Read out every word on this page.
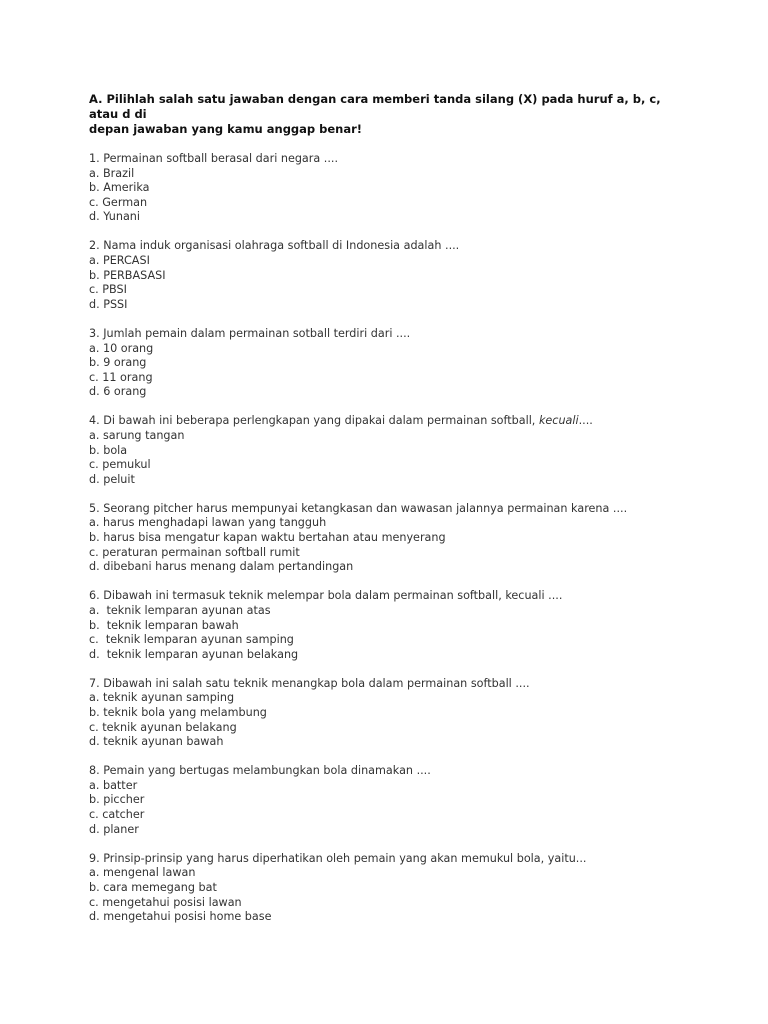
A. Pilihlah salah satu jawaban dengan cara memberi tanda silang (X) pada huruf a, b, c, atau d di
depan jawaban yang kamu anggap benar!
1. Permainan softball berasal dari negara ....
a. Brazil
b. Amerika
c. German
d. Yunani
2. Nama induk organisasi olahraga softball di Indonesia adalah ....
a. PERCASI
b. PERBASASI
c. PBSI
d. PSSI
3. Jumlah pemain dalam permainan sotball terdiri dari ....
a. 10 orang
b. 9 orang
c. 11 orang
d. 6 orang
4. Di bawah ini beberapa perlengkapan yang dipakai dalam permainan softball, kecuali....
a. sarung tangan
b. bola
c. pemukul
d. peluit
5. Seorang pitcher harus mempunyai ketangkasan dan wawasan jalannya permainan karena ....
a. harus menghadapi lawan yang tangguh
b. harus bisa mengatur kapan waktu bertahan atau menyerang
c. peraturan permainan softball rumit
d. dibebani harus menang dalam pertandingan
6. Dibawah ini termasuk teknik melempar bola dalam permainan softball, kecuali ....
a.  teknik lemparan ayunan atas
b.  teknik lemparan bawah
c.  teknik lemparan ayunan samping
d.  teknik lemparan ayunan belakang
7. Dibawah ini salah satu teknik menangkap bola dalam permainan softball ....
a. teknik ayunan samping
b. teknik bola yang melambung
c. teknik ayunan belakang
d. teknik ayunan bawah
8. Pemain yang bertugas melambungkan bola dinamakan ....
a. batter
b. piccher
c. catcher
d. planer
9. Prinsip-prinsip yang harus diperhatikan oleh pemain yang akan memukul bola, yaitu...
a. mengenal lawan
b. cara memegang bat
c. mengetahui posisi lawan
d. mengetahui posisi home base
